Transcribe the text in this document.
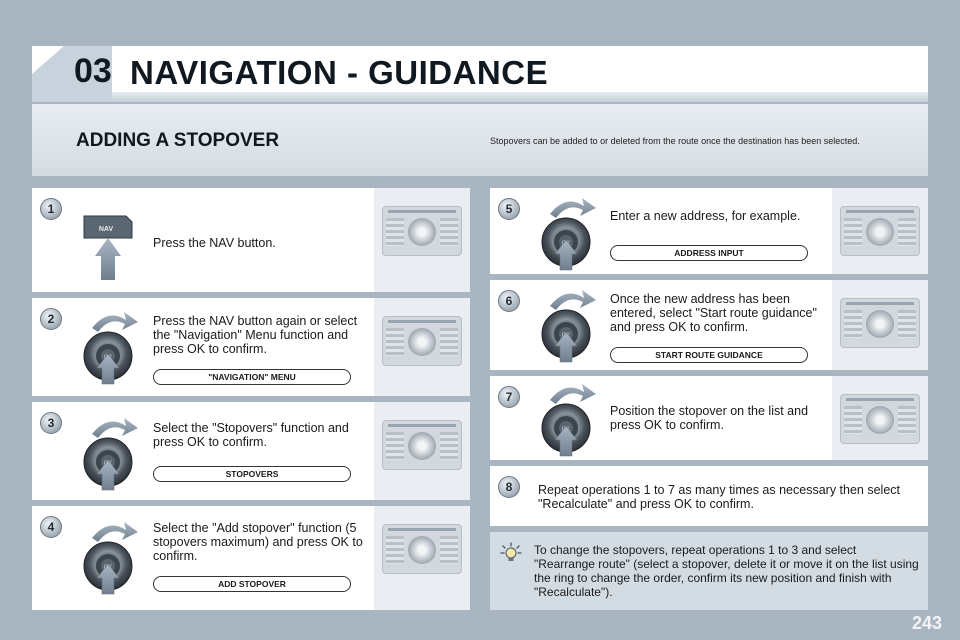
03 NAVIGATION - GUIDANCE
ADDING A STOPOVER	Stopovers can be added to or deleted from the route once the destination has been selected.
1
NAV
Press the NAV button.
2	Press the NAV button again or select the "Navigation" Menu function and press OK to confirm.
"NAVIGATION" MENU
3	Select the "Stopovers" function and press OK to confirm.
STOPOVERS
4	Select the "Add stopover" function (5 stopovers maximum) and press OK to confirm.
ADD STOPOVER
5	Enter a new address, for example.
ADDRESS INPUT
6	Once the new address has been entered, select "Start route guidance" and press OK to confirm.
START ROUTE GUIDANCE
7
Position the stopover on the list and press OK to confirm.
8	Repeat operations 1 to 7 as many times as necessary then select "Recalculate" and press OK to confirm.
To change the stopovers, repeat operations 1 to 3 and select "Rearrange route" (select a stopover, delete it or move it on the list using the ring to change the order, confirm its new position and finish with "Recalculate").
243
